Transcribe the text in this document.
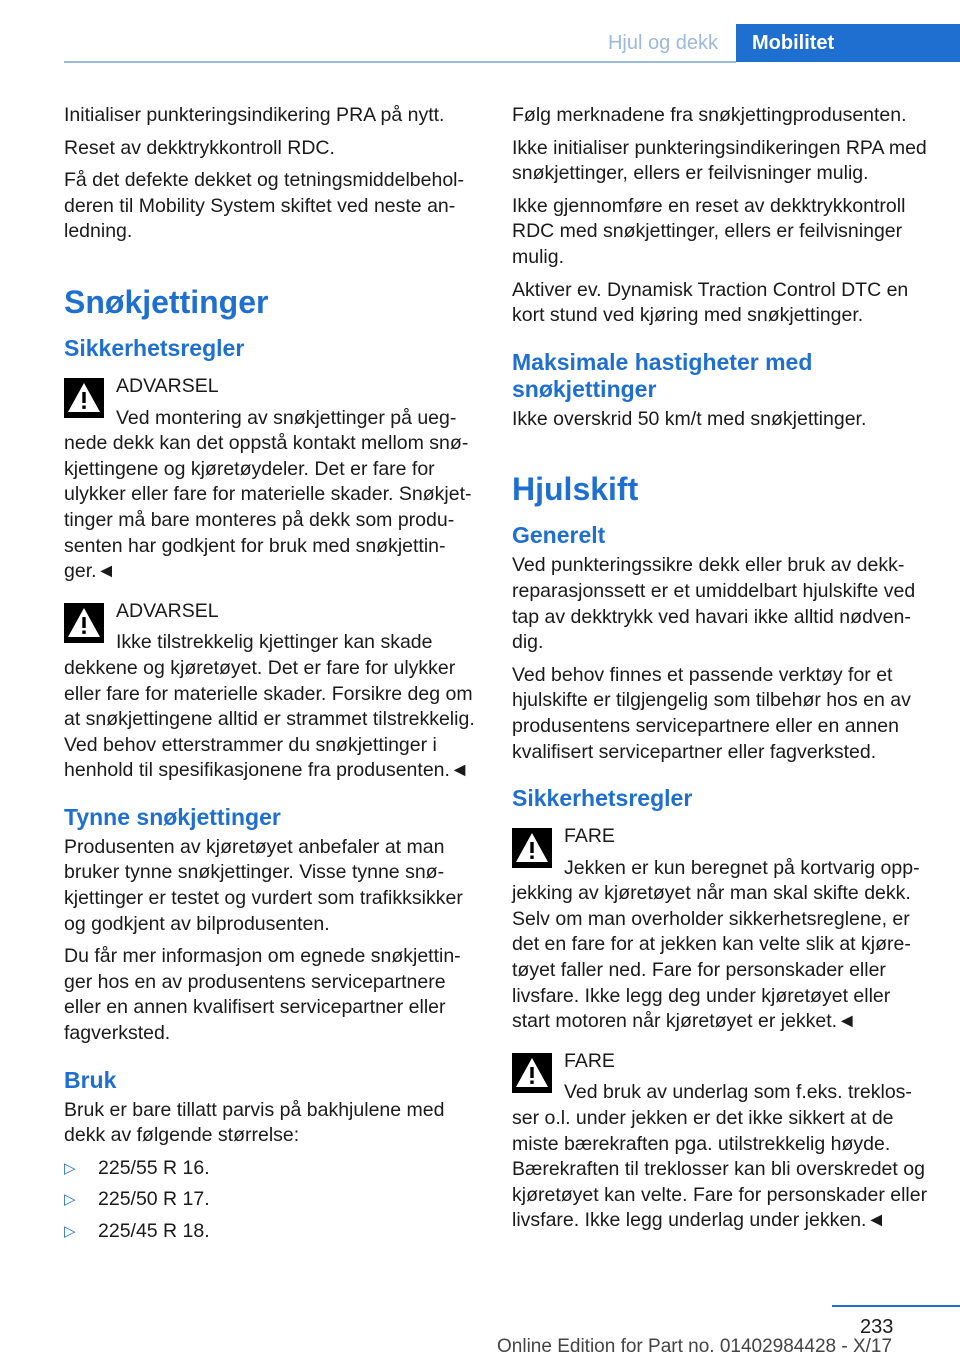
Hjul og dekk	Mobilitet

Initialiser punkteringsindikering PRA på nytt.

Reset av dekktrykkontroll RDC.

Få det defekte dekket og tetningsmiddelbeholderen til Mobility System skiftet ved neste anledning.

Snøkjettinger
Sikkerhetsregler
ADVARSEL
Ved montering av snøkjettinger på uegnede dekk kan det oppstå kontakt mellom snøkjettingene og kjøretøydeler. Det er fare for ulykker eller fare for materielle skader. Snøkjettinger må bare monteres på dekk som produsenten har godkjent for bruk med snøkjettinger.◄
ADVARSEL
Ikke tilstrekkelig kjettinger kan skade dekkene og kjøretøyet. Det er fare for ulykker eller fare for materielle skader. Forsikre deg om at snøkjettingene alltid er strammet tilstrekkelig. Ved behov etterstrammer du snøkjettinger i henhold til spesifikasjonene fra produsenten.◄
Tynne snøkjettinger

Produsenten av kjøretøyet anbefaler at man bruker tynne snøkjettinger. Visse tynne snøkjettinger er testet og vurdert som trafikksikker og godkjent av bilprodusenten.

Du får mer informasjon om egnede snøkjettinger hos en av produsentens servicepartnere eller en annen kvalifisert servicepartner eller fagverksted.

Bruk

Bruk er bare tillatt parvis på bakhjulene med dekk av følgende størrelse:

▷ 225/55 R 16.
▷ 225/50 R 17.
▷ 225/45 R 18.

Følg merknadene fra snøkjettingprodusenten.

Ikke initialiser punkteringsindikeringen RPA med snøkjettinger, ellers er feilvisninger mulig.

Ikke gjennomføre en reset av dekktrykkontroll RDC med snøkjettinger, ellers er feilvisninger mulig.

Aktiver ev. Dynamisk Traction Control DTC en kort stund ved kjøring med snøkjettinger.

Maksimale hastigheter med snøkjettinger

Ikke overskrid 50 km/t med snøkjettinger.

Hjulskift
Generelt

Ved punkteringssikre dekk eller bruk av dekkreparasjonssett er et umiddelbart hjulskifte ved tap av dekktrykk ved havari ikke alltid nødvendig.

Ved behov finnes et passende verktøy for et hjulskifte er tilgjengelig som tilbehør hos en av produsentens servicepartnere eller en annen kvalifisert servicepartner eller fagverksted.

Sikkerhetsregler
FARE
Jekken er kun beregnet på kortvarig oppjekking av kjøretøyet når man skal skifte dekk. Selv om man overholder sikkerhetsreglene, er det en fare for at jekken kan velte slik at kjøretøyet faller ned. Fare for personskader eller livsfare. Ikke legg deg under kjøretøyet eller start motoren når kjøretøyet er jekket.◄
FARE
Ved bruk av underlag som f.eks. treklosser o.l. under jekken er det ikke sikkert at de miste bærekraften pga. utilstrekkelig høyde. Bærekraften til treklosser kan bli overskredet og kjøretøyet kan velte. Fare for personskader eller livsfare. Ikke legg underlag under jekken.◄
233
Online Edition for Part no. 01402984428 - X/17
